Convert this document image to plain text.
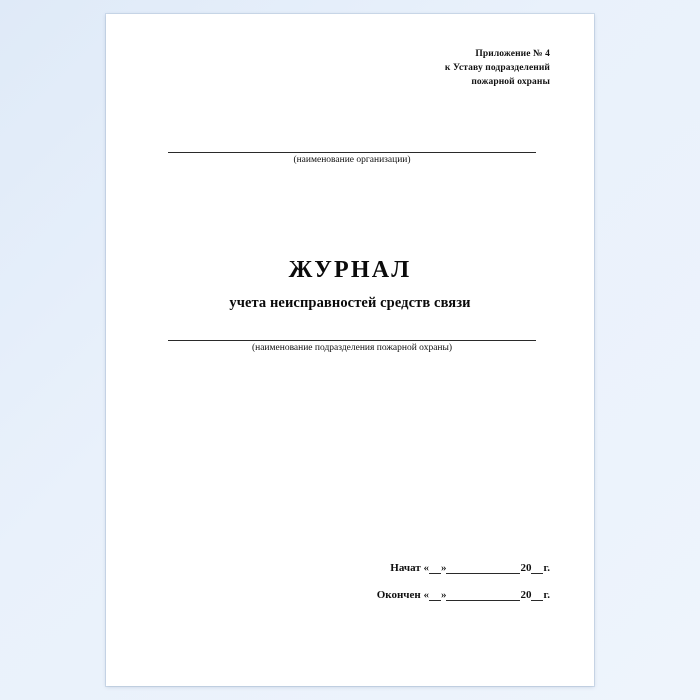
Приложение № 4
к Уставу подразделений
пожарной охраны
(наименование организации)
ЖУРНАЛ
учета неисправностей средств связи
(наименование подразделения пожарной охраны)
Начат « »	20 г.
Окончен « »	20 г.
